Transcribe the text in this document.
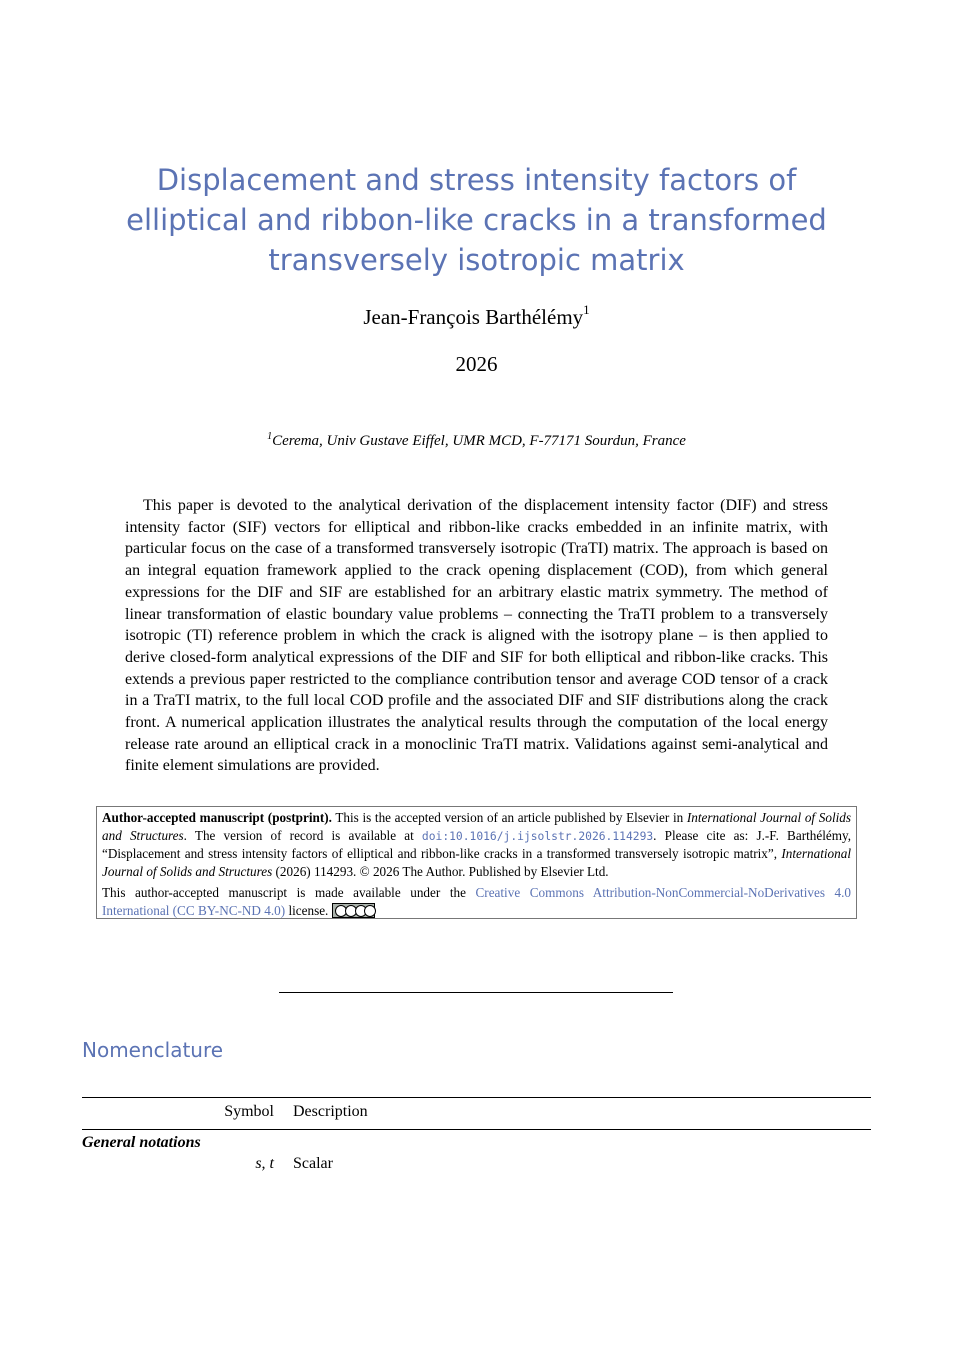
Displacement and stress intensity factors of elliptical and ribbon-like cracks in a transformed transversely isotropic matrix
Jean-François Barthélémy$^1$
2026
$^1$Cerema, Univ Gustave Eiffel, UMR MCD, F-77171 Sourdun, France

This paper is devoted to the analytical derivation of the displacement intensity factor (DIF) and stress intensity factor (SIF) vectors for elliptical and ribbon-like cracks embedded in an infinite matrix, with particular focus on the case of a transformed transversely isotropic (TraTI) matrix. The approach is based on an integral equation framework applied to the crack opening displacement (COD), from which general expressions for the DIF and SIF are established for an arbitrary elastic matrix symmetry. The method of linear transformation of elastic boundary value problems – connecting the TraTI problem to a transversely isotropic (TI) reference problem in which the crack is aligned with the isotropy plane – is then applied to derive closed-form analytical expressions of the DIF and SIF for both elliptical and ribbon-like cracks. This extends a previous paper restricted to the compliance contribution tensor and average COD tensor of a crack in a TraTI matrix, to the full local COD profile and the associated DIF and SIF distributions along the crack front. A numerical application illustrates the analytical results through the computation of the local energy release rate around an elliptical crack in a monoclinic TraTI matrix. Validations against semi-analytical and finite element simulations are provided.

Author-accepted manuscript (postprint). This is the accepted version of an article published by Elsevier in International Journal of Solids and Structures. The version of record is available at doi:10.1016/j.ijsolstr.2026.114293. Please cite as: J.-F. Barthélémy, “Displacement and stress intensity factors of elliptical and ribbon-like cracks in a transformed transversely isotropic matrix”, International Journal of Solids and Structures (2026) 114293. © 2026 The Author. Published by Elsevier Ltd.

This author-accepted manuscript is made available under the Creative Commons Attribution-NonCommercial-NoDerivatives 4.0 International (CC BY-NC-ND 4.0) license.

Nomenclature
Symbol Description
General notations
s, t Scalar
